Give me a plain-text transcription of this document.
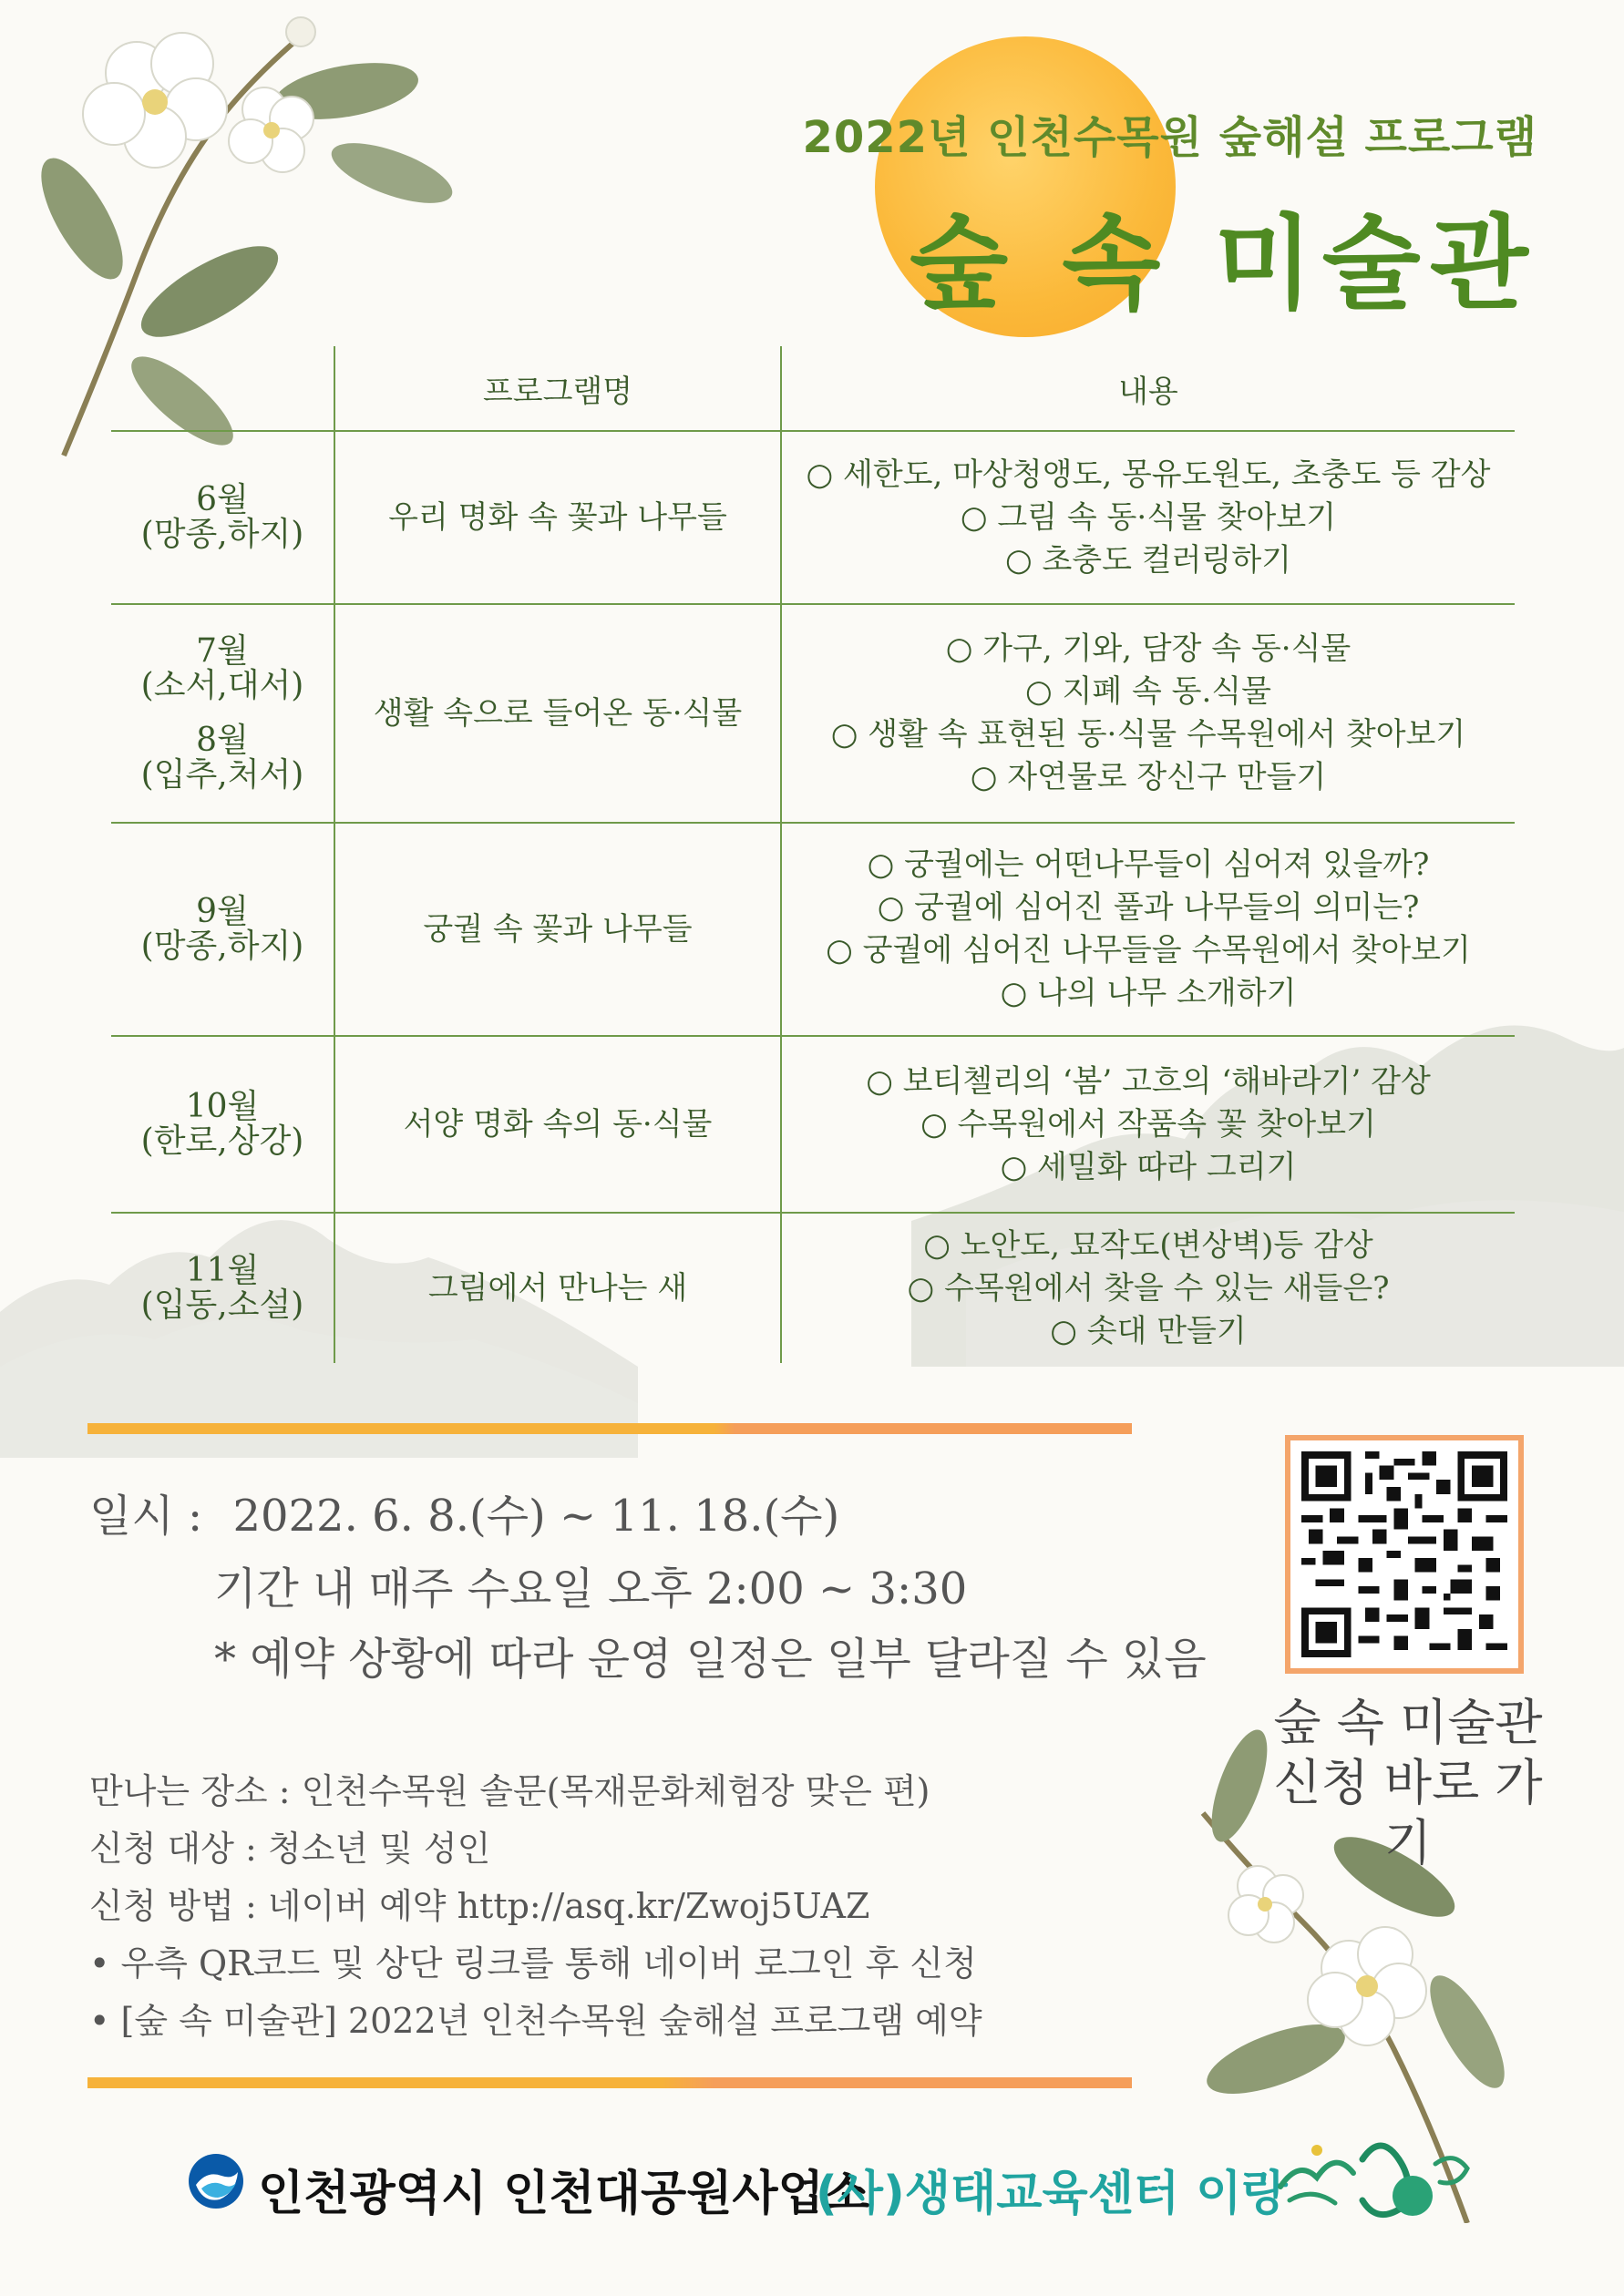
2022년 인천수목원 숲해설 프로그램
숲 속 미술관
	프로그램명	내용

6월
(망종,하지)	우리 명화 속 꽃과 나무들	○ 세한도, 마상청앵도, 몽유도원도, 초충도 등 감상
○ 그림 속 동·식물 찾아보기
○ 초충도 컬러링하기

7월
(소서,대서)
8월
(입추,처서)	생활 속으로 들어온 동·식물	○ 가구, 기와, 담장 속 동·식물
○ 지폐 속 동.식물
○ 생활 속 표현된 동·식물 수목원에서 찾아보기
○ 자연물로 장신구 만들기

9월
(망종,하지)	궁궐 속 꽃과 나무들	○ 궁궐에는 어떤나무들이 심어져 있을까?
○ 궁궐에 심어진 풀과 나무들의 의미는?
○ 궁궐에 심어진 나무들을 수목원에서 찾아보기
○ 나의 나무 소개하기

10월
(한로,상강)	서양 명화 속의 동·식물	○ 보티첼리의 ‘봄’ 고흐의 ‘해바라기’ 감상
○ 수목원에서 작품속 꽃 찾아보기
○ 세밀화 따라 그리기

11월
(입동,소설)	그림에서 만나는 새	○ 노안도, 묘작도(변상벽)등 감상
○ 수목원에서 찾을 수 있는 새들은?
○ 솟대 만들기
일시 : 2022. 6. 8.(수) ~ 11. 18.(수)
기간 내 매주 수요일 오후 2:00 ~ 3:30
* 예약 상황에 따라 운영 일정은 일부 달라질 수 있음
만나는 장소 : 인천수목원 솔문(목재문화체험장 맞은 편)
신청 대상 : 청소년 및 성인
신청 방법 : 네이버 예약 http://asq.kr/Zwoj5UAZ
• 우측 QR코드 및 상단 링크를 통해 네이버 로그인 후 신청
• [숲 속 미술관] 2022년 인천수목원 숲해설 프로그램 예약
숲 속 미술관
신청 바로 가기
인천광역시 인천대공원사업소
(사)생태교육센터 이랑
